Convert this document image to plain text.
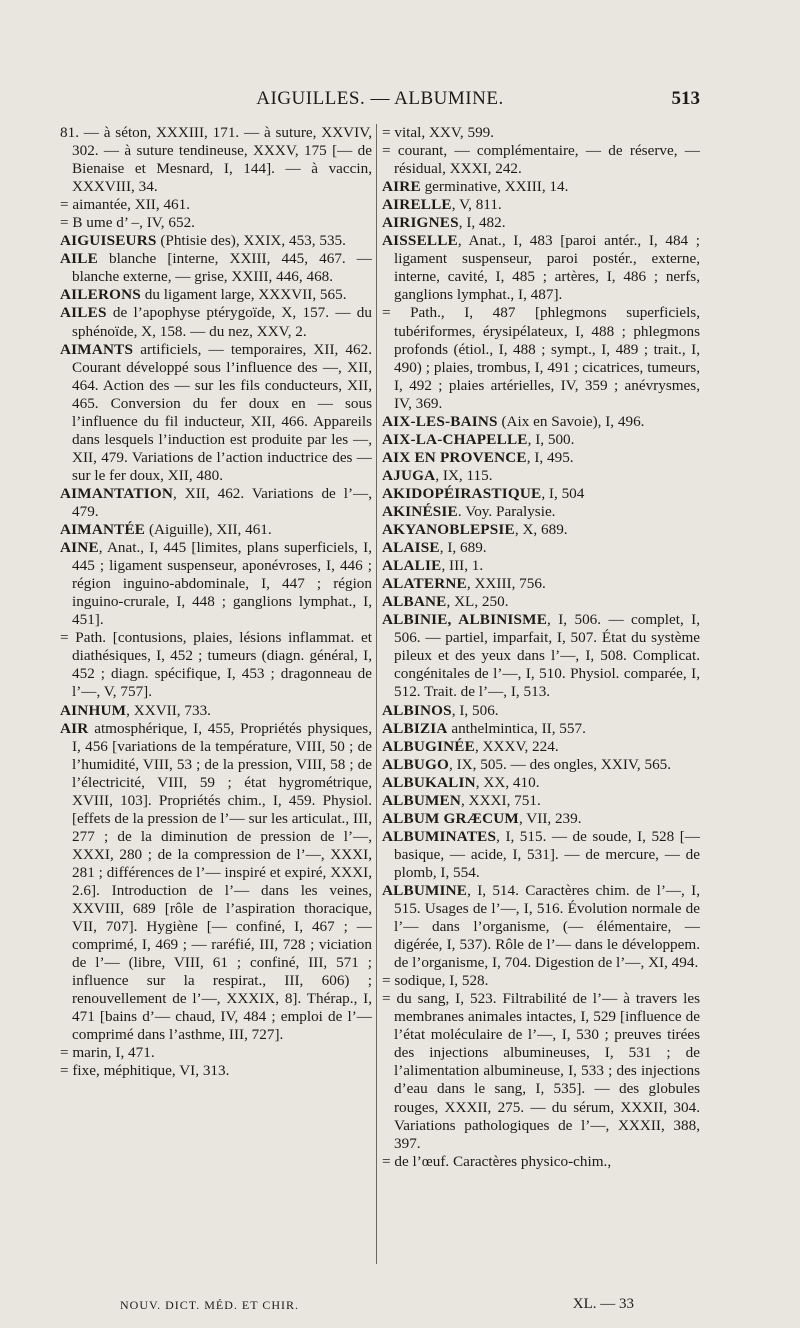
AIGUILLES. — ALBUMINE.	513

81. — à séton, XXXIII, 171. — à suture, XXVIV, 302. — à suture tendineuse, XXXV, 175 [— de Bienaise et Mesnard, I, 144]. — à vaccin, XXXVIII, 34.

= aimantée, XII, 461.

= B ume d’ –, IV, 652.

AIGUISEURS (Phtisie des), XXIX, 453, 535.

AILE blanche [interne, XXIII, 445, 467. — blanche externe, — grise, XXIII, 446, 468.

AILERONS du ligament large, XXXVII, 565.

AILES de l’apophyse ptérygoïde, X, 157. — du sphénoïde, X, 158. — du nez, XXV, 2.

AIMANTS artificiels, — temporaires, XII, 462. Courant développé sous l’influence des —, XII, 464. Action des — sur les fils conducteurs, XII, 465. Conversion du fer doux en — sous l’influence du fil inducteur, XII, 466. Appareils dans lesquels l’induction est produite par les —, XII, 479. Variations de l’action inductrice des — sur le fer doux, XII, 480.

AIMANTATION, XII, 462. Variations de l’—, 479.

AIMANTÉE (Aiguille), XII, 461.

AINE, Anat., I, 445 [limites, plans superficiels, I, 445 ; ligament suspenseur, aponévroses, I, 446 ; région inguino-abdominale, I, 447 ; région inguino-crurale, I, 448 ; ganglions lymphat., I, 451].

= Path. [contusions, plaies, lésions inflammat. et diathésiques, I, 452 ; tumeurs (diagn. général, I, 452 ; diagn. spécifique, I, 453 ; dragonneau de l’—, V, 757].

AINHUM, XXVII, 733.

AIR atmosphérique, I, 455, Propriétés physiques, I, 456 [variations de la température, VIII, 50 ; de l’humidité, VIII, 53 ; de la pression, VIII, 58 ; de l’électricité, VIII, 59 ; état hygrométrique, XVIII, 103]. Propriétés chim., I, 459. Physiol. [effets de la pression de l’— sur les articulat., III, 277 ; de la diminution de pression de l’—, XXXI, 280 ; de la compression de l’—, XXXI, 281 ; différences de l’— inspiré et expiré, XXXI, 2.6]. Introduction de l’— dans les veines, XXVIII, 689 [rôle de l’aspiration thoracique, VII, 707]. Hygiène [— confiné, I, 467 ; — comprimé, I, 469 ; — raréfié, III, 728 ; viciation de l’— (libre, VIII, 61 ; confiné, III, 571 ; influence sur la respirat., III, 606) ; renouvellement de l’—, XXXIX, 8]. Thérap., I, 471 [bains d’— chaud, IV, 484 ; emploi de l’— comprimé dans l’asthme, III, 727].

= marin, I, 471.

= fixe, méphitique, VI, 313.

= vital, XXV, 599.

= courant, — complémentaire, — de réserve, — résidual, XXXI, 242.

AIRE germinative, XXIII, 14.

AIRELLE, V, 811.

AIRIGNES, I, 482.

AISSELLE, Anat., I, 483 [paroi antér., I, 484 ; ligament suspenseur, paroi postér., externe, interne, cavité, I, 485 ; artères, I, 486 ; nerfs, ganglions lymphat., I, 487].

= Path., I, 487 [phlegmons superficiels, tubériformes, érysipélateux, I, 488 ; phlegmons profonds (étiol., I, 488 ; sympt., I, 489 ; trait., I, 490) ; plaies, trombus, I, 491 ; cicatrices, tumeurs, I, 492 ; plaies artérielles, IV, 359 ; anévrysmes, IV, 369.

AIX-LES-BAINS (Aix en Savoie), I, 496.

AIX-LA-CHAPELLE, I, 500.

AIX EN PROVENCE, I, 495.

AJUGA, IX, 115.

AKIDOPÉIRASTIQUE, I, 504

AKINÉSIE. Voy. Paralysie.

AKYANOBLEPSIE, X, 689.

ALAISE, I, 689.

ALALIE, III, 1.

ALATERNE, XXIII, 756.

ALBANE, XL, 250.

ALBINIE, ALBINISME, I, 506. — complet, I, 506. — partiel, imparfait, I, 507. État du système pileux et des yeux dans l’—, I, 508. Complicat. congénitales de l’—, I, 510. Physiol. comparée, I, 512. Trait. de l’—, I, 513.

ALBINOS, I, 506.

ALBIZIA anthelmintica, II, 557.

ALBUGINÉE, XXXV, 224.

ALBUGO, IX, 505. — des ongles, XXIV, 565.

ALBUKALIN, XX, 410.

ALBUMEN, XXXI, 751.

ALBUM GRÆCUM, VII, 239.

ALBUMINATES, I, 515. — de soude, I, 528 [— basique, — acide, I, 531]. — de mercure, — de plomb, I, 554.

ALBUMINE, I, 514. Caractères chim. de l’—, I, 515. Usages de l’—, I, 516. Évolution normale de l’— dans l’organisme, (— élémentaire, — digérée, I, 537). Rôle de l’— dans le développem. de l’organisme, I, 704. Digestion de l’—, XI, 494.

= sodique, I, 528.

= du sang, I, 523. Filtrabilité de l’— à travers les membranes animales intactes, I, 529 [influence de l’état moléculaire de l’—, I, 530 ; preuves tirées des injections albumineuses, I, 531 ; de l’alimentation albumineuse, I, 533 ; des injections d’eau dans le sang, I, 535]. — des globules rouges, XXXII, 275. — du sérum, XXXII, 304. Variations pathologiques de l’—, XXXII, 388, 397.

= de l’œuf. Caractères physico-chim.,

NOUV. DICT. MÉD. ET CHIR.	XL. — 33
